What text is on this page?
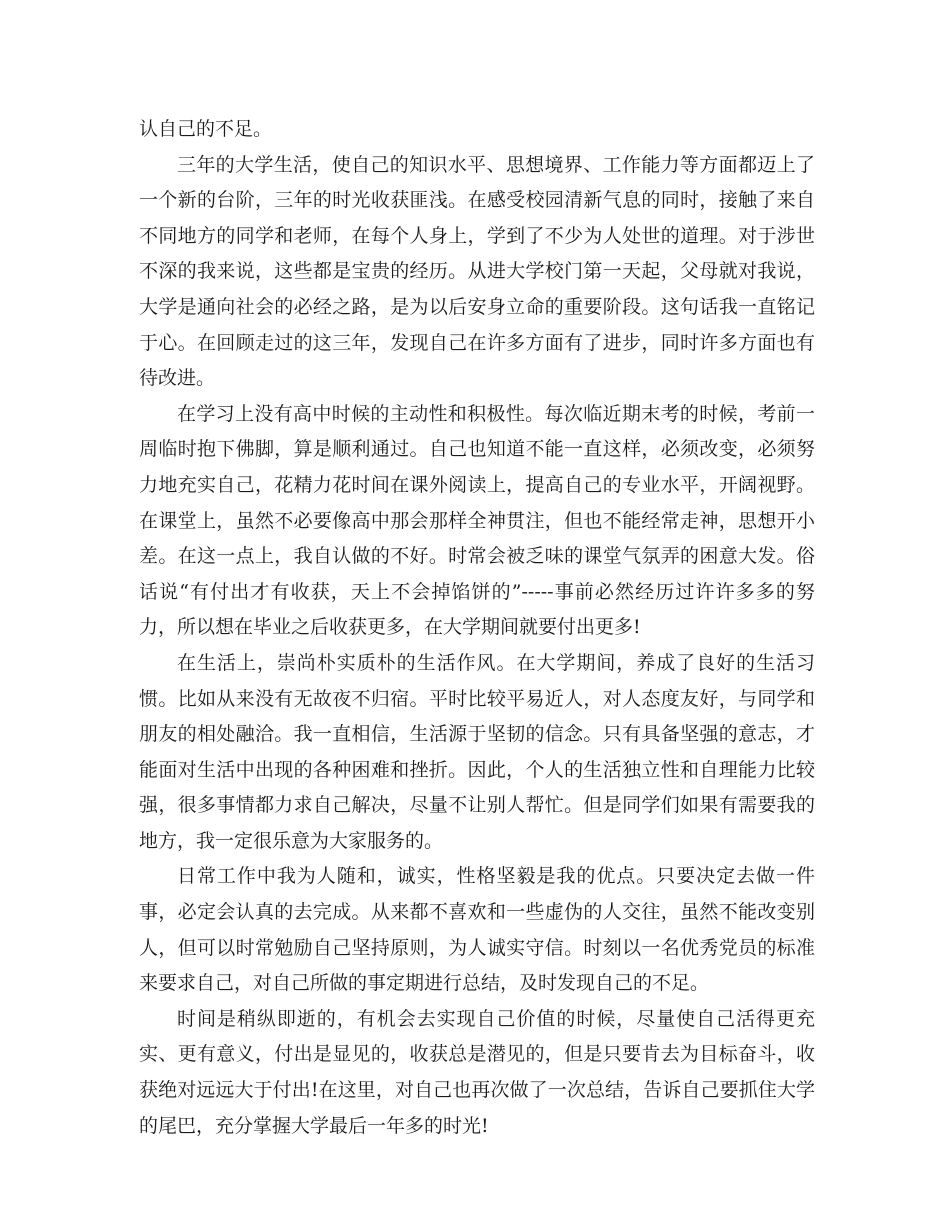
认自己的不足。

三年的大学生活，使自己的知识水平、思想境界、工作能力等方面都迈上了一个新的台阶，三年的时光收获匪浅。在感受校园清新气息的同时，接触了来自不同地方的同学和老师，在每个人身上，学到了不少为人处世的道理。对于涉世不深的我来说，这些都是宝贵的经历。从进大学校门第一天起，父母就对我说，大学是通向社会的必经之路，是为以后安身立命的重要阶段。这句话我一直铭记于心。在回顾走过的这三年，发现自己在许多方面有了进步，同时许多方面也有待改进。

在学习上没有高中时候的主动性和积极性。每次临近期末考的时候，考前一周临时抱下佛脚，算是顺利通过。自己也知道不能一直这样，必须改变，必须努力地充实自己，花精力花时间在课外阅读上，提高自己的专业水平，开阔视野。在课堂上，虽然不必要像高中那会那样全神贯注，但也不能经常走神，思想开小差。在这一点上，我自认做的不好。时常会被乏味的课堂气氛弄的困意大发。俗话说“有付出才有收获，天上不会掉馅饼的”-----事前必然经历过许许多多的努力，所以想在毕业之后收获更多，在大学期间就要付出更多!

在生活上，崇尚朴实质朴的生活作风。在大学期间，养成了良好的生活习惯。比如从来没有无故夜不归宿。平时比较平易近人，对人态度友好，与同学和朋友的相处融洽。我一直相信，生活源于坚韧的信念。只有具备坚强的意志，才能面对生活中出现的各种困难和挫折。因此，个人的生活独立性和自理能力比较强，很多事情都力求自己解决，尽量不让别人帮忙。但是同学们如果有需要我的地方，我一定很乐意为大家服务的。

日常工作中我为人随和，诚实，性格坚毅是我的优点。只要决定去做一件事，必定会认真的去完成。从来都不喜欢和一些虚伪的人交往，虽然不能改变别人，但可以时常勉励自己坚持原则，为人诚实守信。时刻以一名优秀党员的标准来要求自己，对自己所做的事定期进行总结，及时发现自己的不足。

时间是稍纵即逝的，有机会去实现自己价值的时候，尽量使自己活得更充实、更有意义，付出是显见的，收获总是潜见的，但是只要肯去为目标奋斗，收获绝对远远大于付出!在这里，对自己也再次做了一次总结，告诉自己要抓住大学的尾巴，充分掌握大学最后一年多的时光!
